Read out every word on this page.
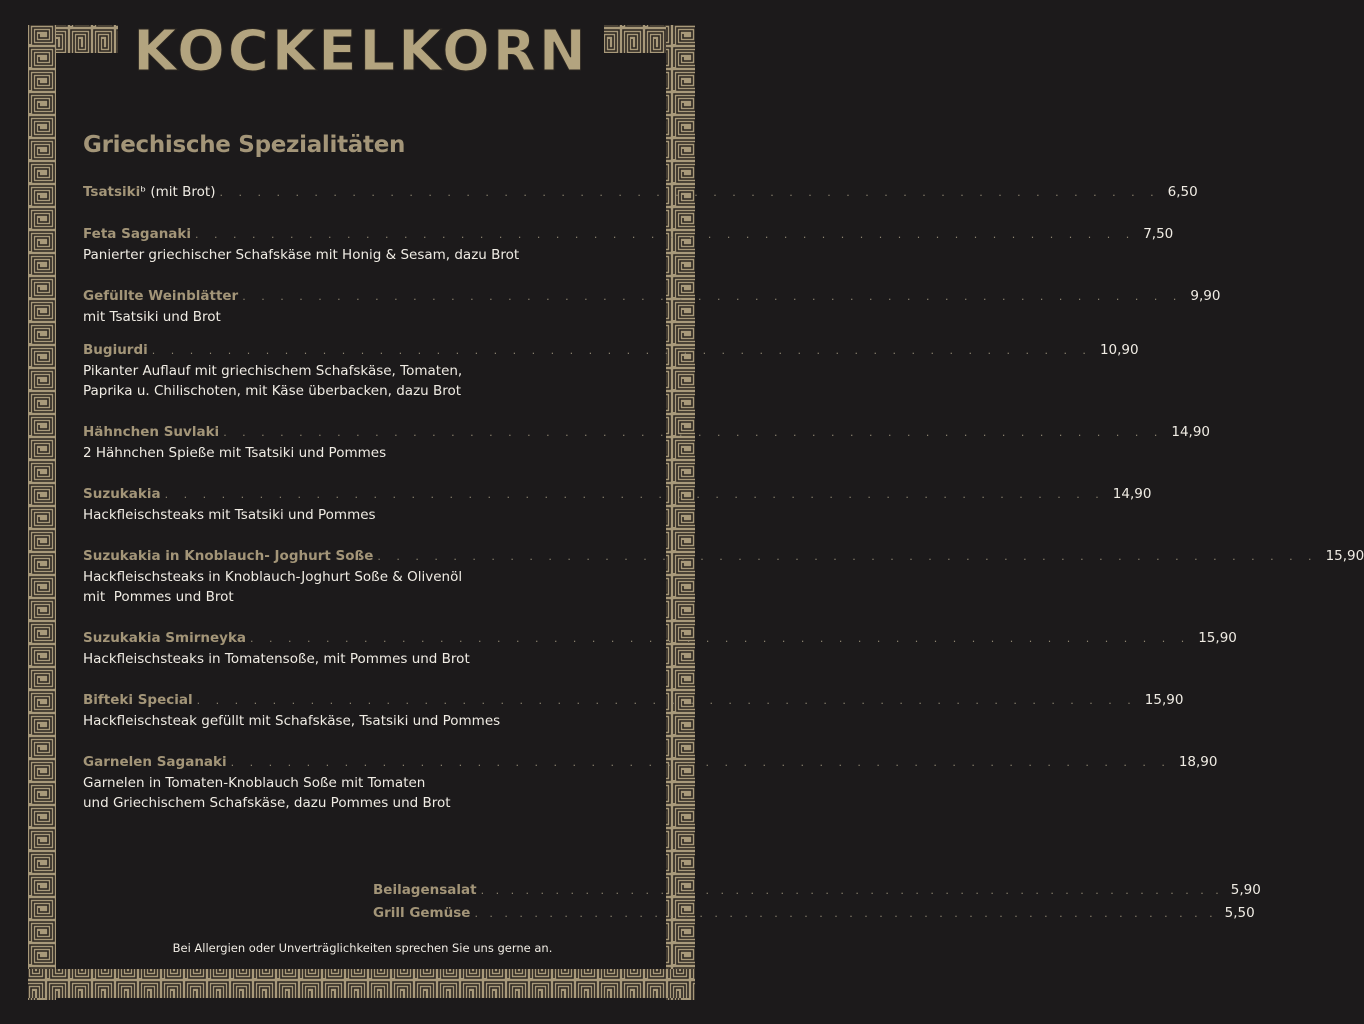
KOCKELKORN
Griechische Spezialitäten
Tsatsiki ᵇ (mit Brot) . . . . . . . . . . . . . . . . . . . . . . . . . . . . . . . . . . . . . . . . . . . . . . . . . . 6,50
Feta Saganaki . . . . . . . . . . . . . . . . . . . . . . . . . . . . . . . . . . . . . . . . . . . . . . . . . . 7,50
Panierter griechischer Schafskäse mit Honig & Sesam, dazu Brot
Gefüllte Weinblätter . . . . . . . . . . . . . . . . . . . . . . . . . . . . . . . . . . . . . . . . . . . . . . . . . . 9,90
mit Tsatsiki und Brot
Bugiurdi . . . . . . . . . . . . . . . . . . . . . . . . . . . . . . . . . . . . . . . . . . . . . . . . . . 10,90
Pikanter Auflauf mit griechischem Schafskäse, Tomaten,
Paprika u. Chilischoten, mit Käse überbacken, dazu Brot
Hähnchen Suvlaki . . . . . . . . . . . . . . . . . . . . . . . . . . . . . . . . . . . . . . . . . . . . . . . . . . 14,90
2 Hähnchen Spieße mit Tsatsiki und Pommes
Suzukakia . . . . . . . . . . . . . . . . . . . . . . . . . . . . . . . . . . . . . . . . . . . . . . . . . . 14,90
Hackfleischsteaks mit Tsatsiki und Pommes
Suzukakia in Knoblauch- Joghurt Soße . . . . . . . . . . . . . . . . . . . . . . . . . . . . . . . . . . . . . . . . . . . . . . . . . . 15,90
Hackfleischsteaks in Knoblauch-Joghurt Soße & Olivenöl
mit  Pommes und Brot
Suzukakia Smirneyka . . . . . . . . . . . . . . . . . . . . . . . . . . . . . . . . . . . . . . . . . . . . . . . . . . 15,90
Hackfleischsteaks in Tomatensoße, mit Pommes und Brot
Bifteki Special . . . . . . . . . . . . . . . . . . . . . . . . . . . . . . . . . . . . . . . . . . . . . . . . . . 15,90
Hackfleischsteak gefüllt mit Schafskäse, Tsatsiki und Pommes
Garnelen Saganaki . . . . . . . . . . . . . . . . . . . . . . . . . . . . . . . . . . . . . . . . . . . . . . . . . . 18,90
Garnelen in Tomaten-Knoblauch Soße mit Tomaten
und Griechischem Schafskäse, dazu Pommes und Brot
Beilagensalat . . . . . . . . . . . . . . . . . . . . . . . . . . . . . . . . . . . . . . . . . . . . . . . . . . 5,90
Grill Gemüse . . . . . . . . . . . . . . . . . . . . . . . . . . . . . . . . . . . . . . . . . . . . . . . . . . 5,50
Bei Allergien oder Unverträglichkeiten sprechen Sie uns gerne an.
